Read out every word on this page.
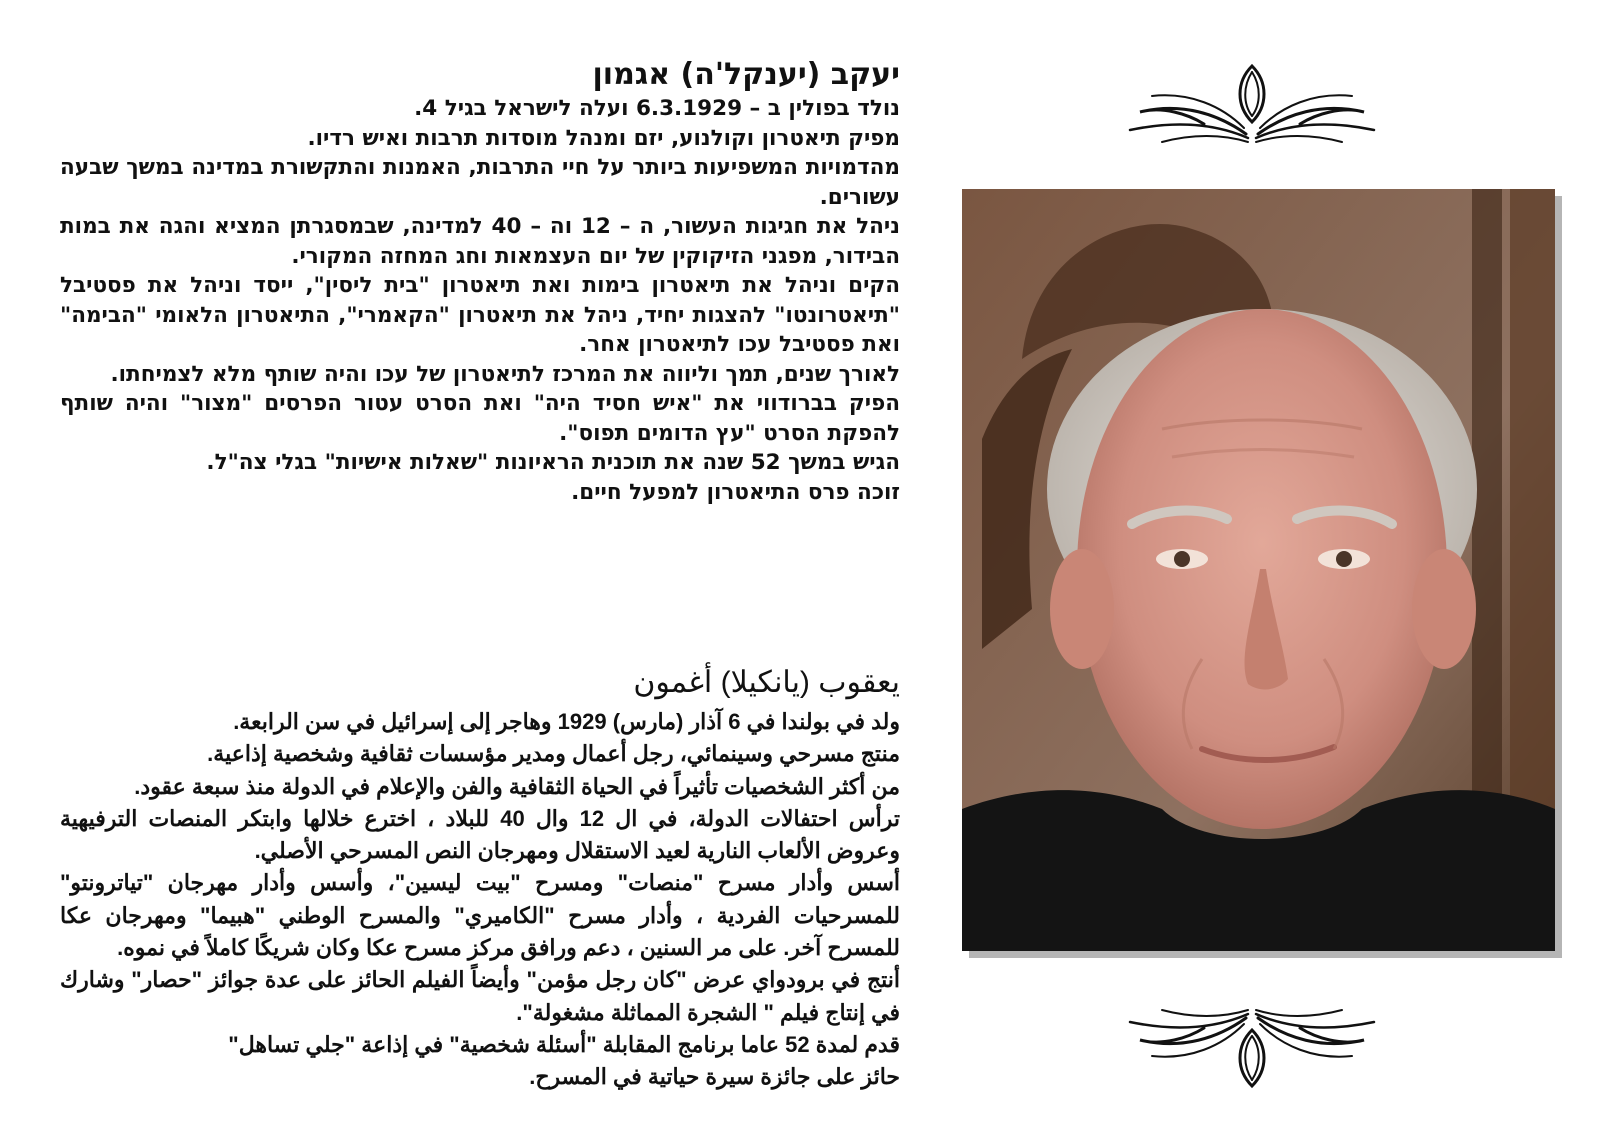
יעקב (יענקל'ה) אגמון

נולד בפולין ב – 6.3.1929 ועלה לישראל בגיל 4.

מפיק תיאטרון וקולנוע, יזם ומנהל מוסדות תרבות ואיש רדיו.

מהדמויות המשפיעות ביותר על חיי התרבות, האמנות והתקשורת במדינה במשך שבעה עשורים.

ניהל את חגיגות העשור, ה – 12 וה – 40 למדינה, שבמסגרתן המציא והגה את במות הבידור, מפגני הזיקוקין של יום העצמאות וחג המחזה המקורי.

הקים וניהל את תיאטרון בימות ואת תיאטרון "בית ליסין", ייסד וניהל את פסטיבל "תיאטרונטו" להצגות יחיד, ניהל את תיאטרון "הקאמרי", התיאטרון הלאומי "הבימה" ואת פסטיבל עכו לתיאטרון אחר.

לאורך שנים, תמך וליווה את המרכז לתיאטרון של עכו והיה שותף מלא לצמיחתו.

הפיק בברודווי את "איש חסיד היה" ואת הסרט עטור הפרסים "מצור" והיה שותף להפקת הסרט "עץ הדומים תפוס".

הגיש במשך 52 שנה את תוכנית הראיונות "שאלות אישיות" בגלי צה"ל.

זוכה פרס התיאטרון למפעל חיים.

يعقوب (يانكيلا) أغمون

ولد في بولندا في 6 آذار (مارس) 1929 وهاجر إلى إسرائيل في سن الرابعة.

منتج مسرحي وسينمائي، رجل أعمال ومدير مؤسسات ثقافية وشخصية إذاعية.

من أكثر الشخصيات تأثيراً في الحياة الثقافية والفن والإعلام في الدولة منذ سبعة عقود.

ترأس احتفالات الدولة، في ال 12 وال 40 للبلاد ، اخترع خلالها وابتكر المنصات الترفيهية وعروض الألعاب النارية لعيد الاستقلال ومهرجان النص المسرحي الأصلي.

أسس وأدار مسرح "منصات" ومسرح "بيت ليسين"، وأسس وأدار مهرجان "تياترونتو" للمسرحيات الفردية ، وأدار مسرح "الكاميري" والمسرح الوطني "هبيما" ومهرجان عكا للمسرح آخر. على مر السنين ، دعم ورافق مركز مسرح عكا وكان شريكًا كاملاً في نموه.

أنتج في برودواي عرض "كان رجل مؤمن" وأيضاً الفيلم الحائز على عدة جوائز "حصار" وشارك في إنتاج فيلم " الشجرة المماثلة مشغولة".

قدم لمدة 52 عاما برنامج المقابلة "أسئلة شخصية" في إذاعة "جلي تساهل"

حائز على جائزة سيرة حياتية في المسرح.
